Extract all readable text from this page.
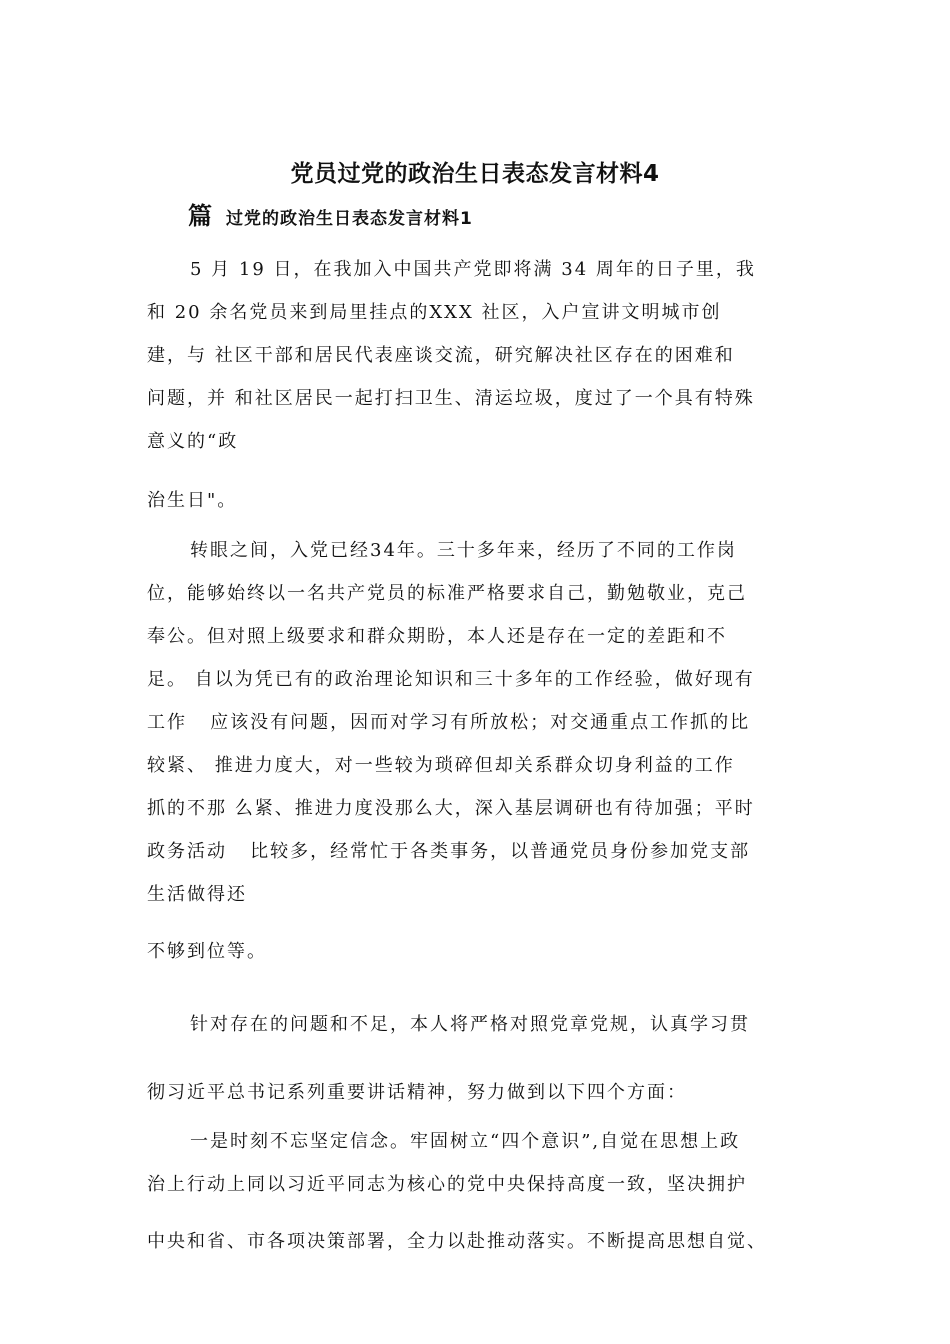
党员过党的政治生日表态发言材料4
篇 过党的政治生日表态发言材料1

5 月 19 日，在我加入中国共产党即将满 34 周年的日子里，我

和 20 余名党员来到局里挂点的XXX 社区，入户宣讲文明城市创

建，与 社区干部和居民代表座谈交流，研究解决社区存在的困难和

问题，并 和社区居民一起打扫卫生、清运垃圾，度过了一个具有特殊

意义的“政

治生日"。

转眼之间，入党已经34年。三十多年来，经历了不同的工作岗

位，能够始终以一名共产党员的标准严格要求自己，勤勉敬业，克己

奉公。但对照上级要求和群众期盼，本人还是存在一定的差距和不

足。 自以为凭已有的政治理论知识和三十多年的工作经验，做好现有

工作   应该没有问题，因而对学习有所放松；对交通重点工作抓的比

较紧、 推进力度大，对一些较为琐碎但却关系群众切身利益的工作

抓的不那 么紧、推进力度没那么大，深入基层调研也有待加强；平时

政务活动   比较多，经常忙于各类事务，以普通党员身份参加党支部

生活做得还

不够到位等。

针对存在的问题和不足，本人将严格对照党章党规，认真学习贯

彻习近平总书记系列重要讲话精神，努力做到以下四个方面：

一是时刻不忘坚定信念。牢固树立“四个意识”,自觉在思想上政

治上行动上同以习近平同志为核心的党中央保持高度一致，坚决拥护

中央和省、市各项决策部署，全力以赴推动落实。不断提高思想自觉、
